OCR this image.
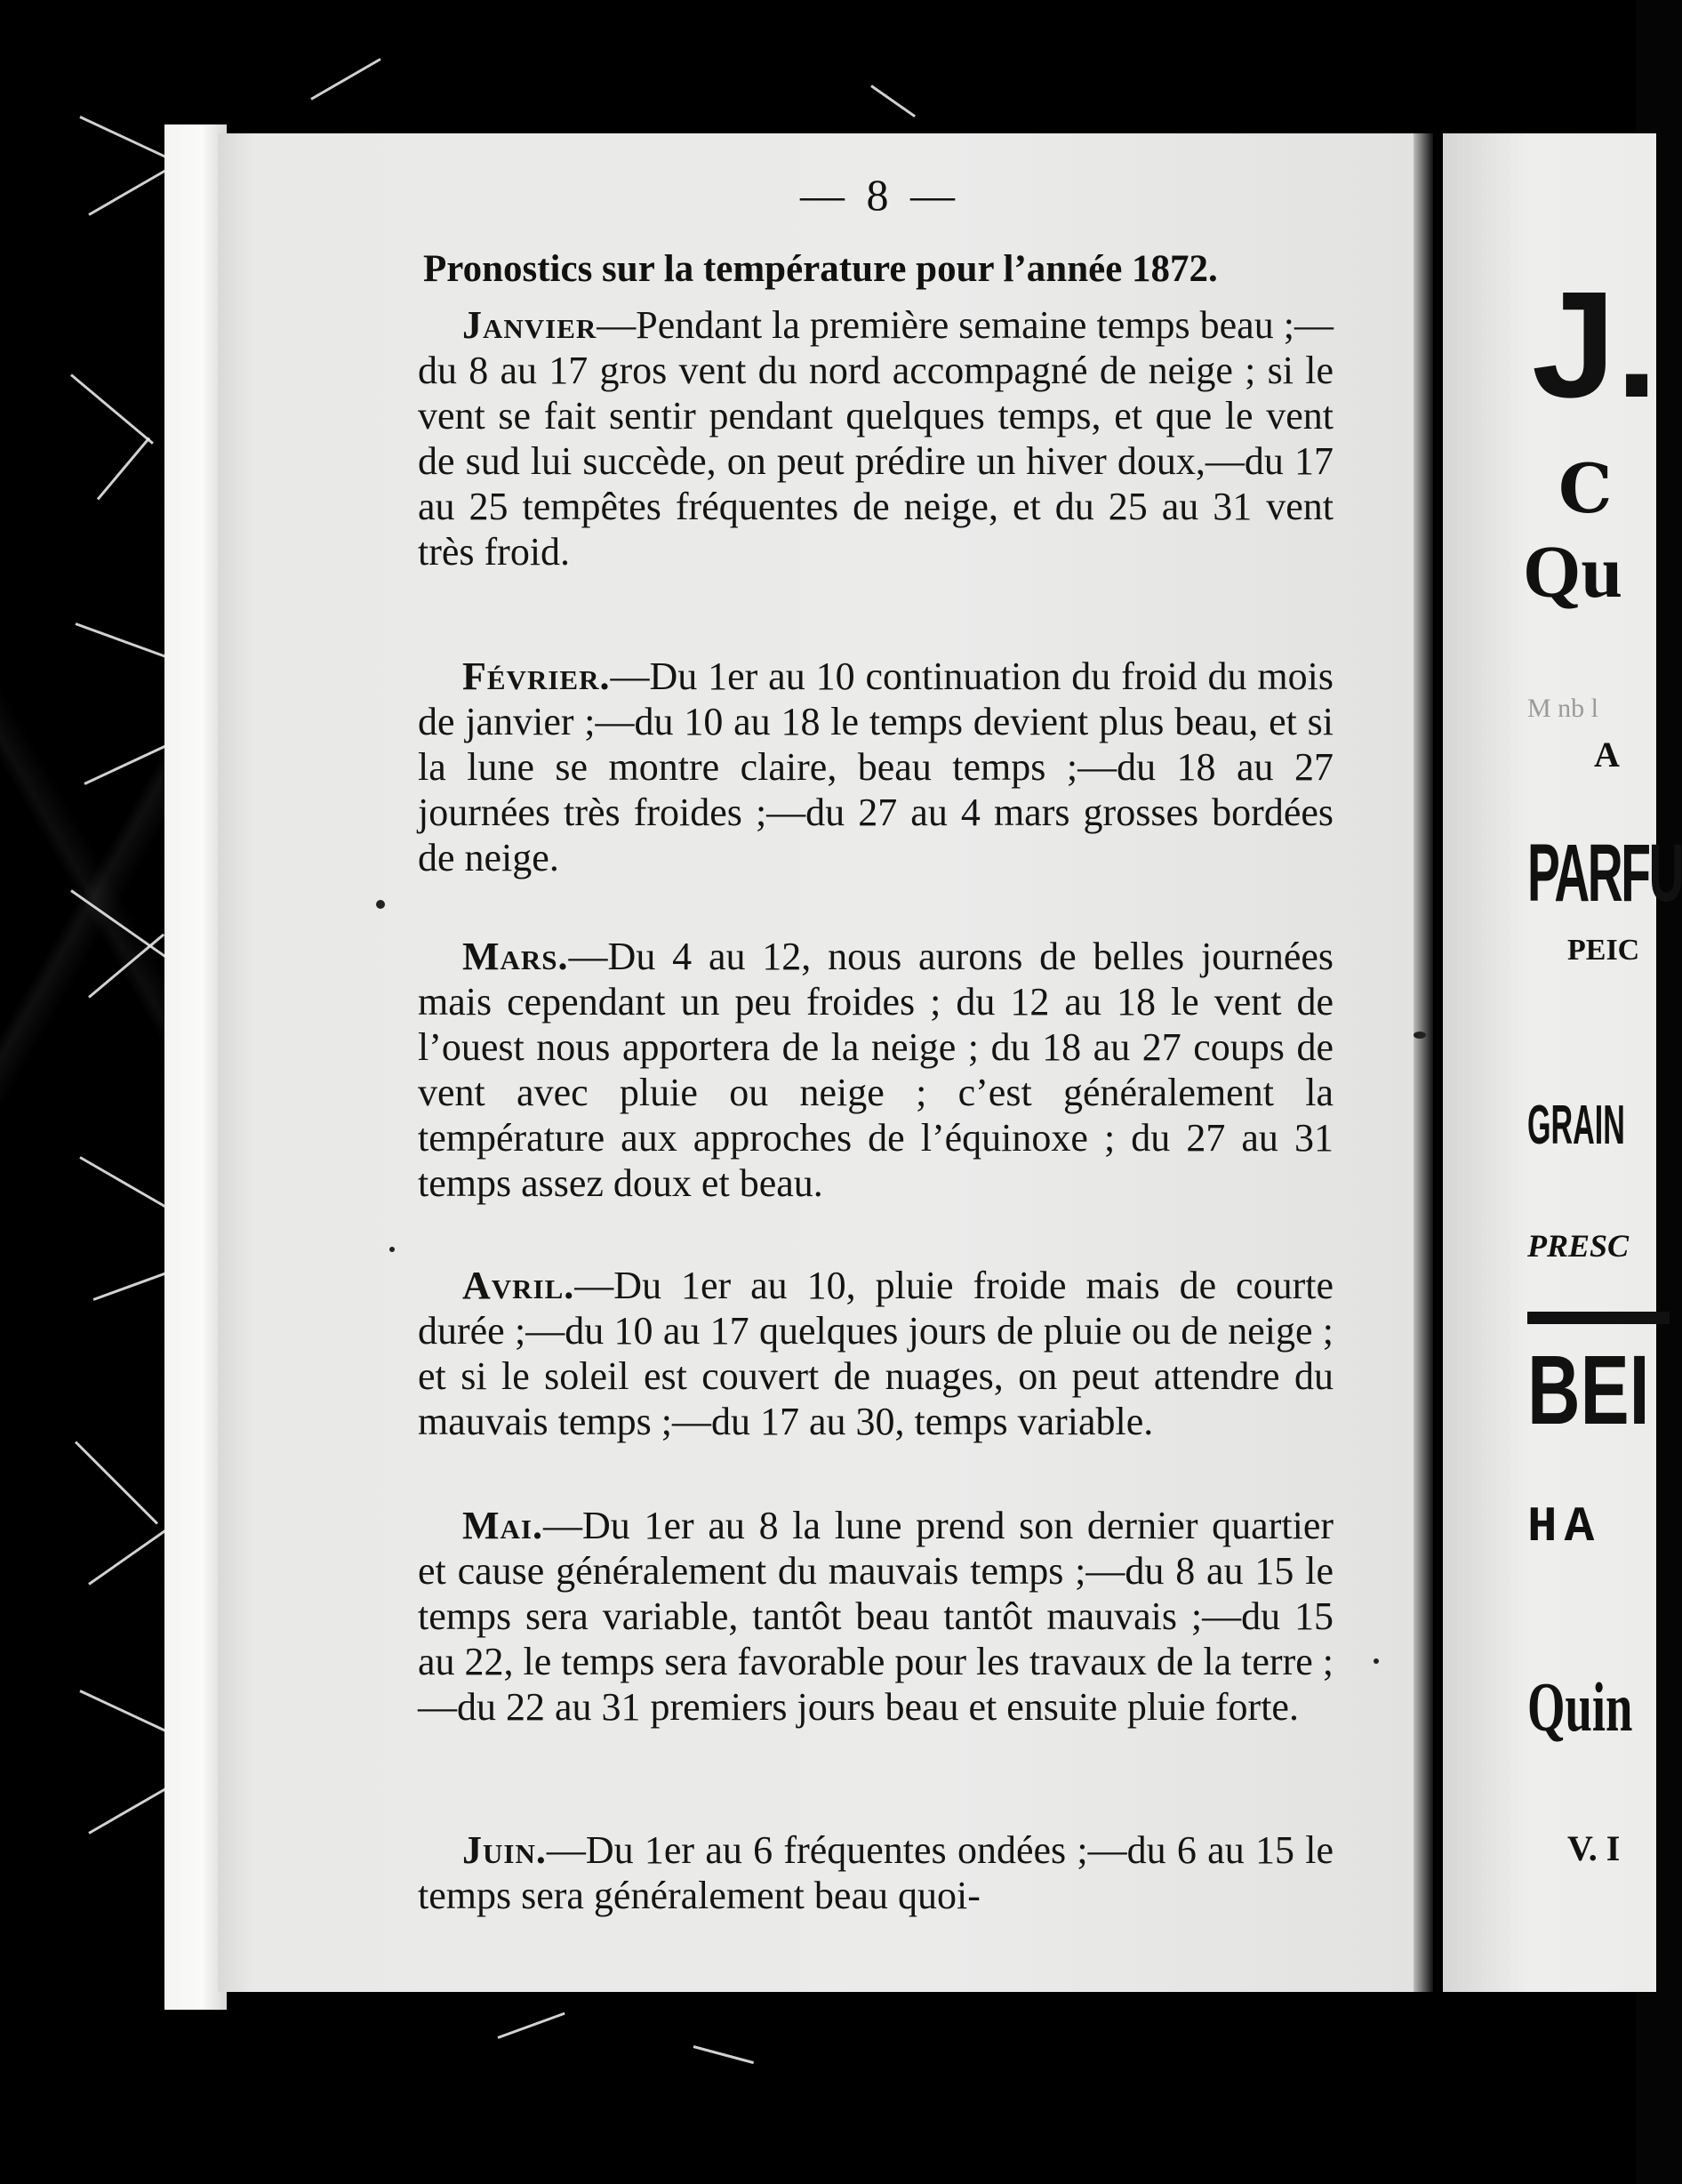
J.
C
Qu
M nb l
A
PARFU
PEIC
GRAIN
PRESC
BEI
HA
Quin
V. I
— 8 —
Pronostics sur la température pour l’année 1872.
Janvier—Pendant la première semaine temps beau ;—du 8 au 17 gros vent du nord accompagné de neige ; si le vent se fait sentir pendant quelques temps, et que le vent de sud lui succède, on peut prédire un hiver doux,—du 17 au 25 tempêtes fréquentes de neige, et du 25 au 31 vent très froid.
Février.—Du 1er au 10 continuation du froid du mois de janvier ;—du 10 au 18 le temps devient plus beau, et si la lune se montre claire, beau temps ;—du 18 au 27 journées très froides ;—du 27 au 4 mars grosses bordées de neige.
Mars.—Du 4 au 12, nous aurons de belles journées mais cependant un peu froides ; du 12 au 18 le vent de l’ouest nous apportera de la neige ; du 18 au 27 coups de vent avec pluie ou neige ; c’est généralement la température aux approches de l’équinoxe ; du 27 au 31 temps assez doux et beau.
Avril.—Du 1er au 10, pluie froide mais de courte durée ;—du 10 au 17 quelques jours de pluie ou de neige ; et si le soleil est couvert de nuages, on peut attendre du mauvais temps ;—du 17 au 30, temps variable.
Mai.—Du 1er au 8 la lune prend son dernier quartier et cause généralement du mauvais temps ;—du 8 au 15 le temps sera variable, tantôt beau tantôt mauvais ;—du 15 au 22, le temps sera favorable pour les travaux de la terre ;—du 22 au 31 premiers jours beau et ensuite pluie forte.
Juin.—Du 1er au 6 fréquentes ondées ;—du 6 au 15 le temps sera généralement beau quoi-
